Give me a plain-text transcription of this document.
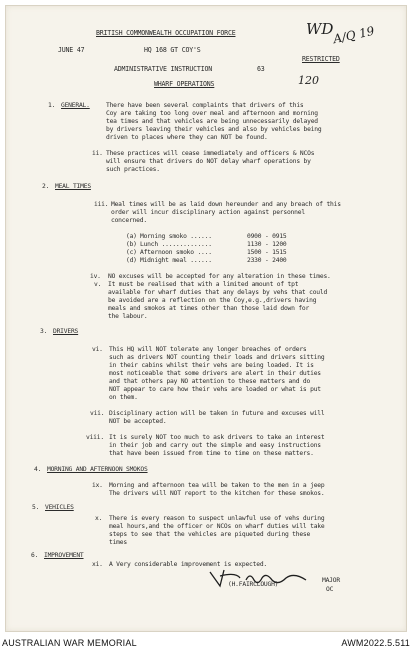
BRITISH COMMONWEALTH OCCUPATION FORCE
JUNE 47	HQ 168 GT COY'S
RESTRICTED
ADMINISTRATIVE INSTRUCTION	63
WHARF OPERATIONS
WD
A/Q 19
120
1. GENERAL.	There have been several complaints that drivers of this
Coy are taking too long over meal and afternoon and morning
tea times and that vehicles are being unnecessarily delayed
by drivers leaving their vehicles and also by vehicles being
driven to places where they can NOT be found.
ii. These practices will cease immediately and officers & NCOs
will ensure that drivers do NOT delay wharf operations by
such practices.
2. MEAL TIMES
iii. Meal times will be as laid down hereunder and any breach of this
order will incur disciplinary action against personnel
concerned.
(a) Morning smoko ......	0900 - 0915
(b) Lunch ..............	1130 - 1200
(c) Afternoon smoko ....	1500 - 1515
(d) Midnight meal ......	2330 - 2400
iv. NO excuses will be accepted for any alteration in these times.
v. It must be realised that with a limited amount of tpt
available for wharf duties that any delays by vehs that could
be avoided are a reflection on the Coy,e.g.,drivers having
meals and smokos at times other than those laid down for
the labour.
3. DRIVERS
vi. This HQ will NOT tolerate any longer breaches of orders
such as drivers NOT counting their loads and drivers sitting
in their cabins whilst their vehs are being loaded. It is
most noticeable that some drivers are alert in their duties
and that others pay NO attention to these matters and do
NOT appear to care how their vehs are loaded or what is put
on them.
vii. Disciplinary action will be taken in future and excuses will
NOT be accepted.
viii. It is surely NOT too much to ask drivers to take an interest
in their job and carry out the simple and easy instructions
that have been issued from time to time on these matters.
4. MORNING AND AFTERNOON SMOKOS
ix. Morning and afternoon tea will be taken to the men in a jeep
The drivers will NOT report to the kitchen for these smokos.
5. VEHICLES
x. There is every reason to suspect unlawful use of vehs during
meal hours,and the officer or NCOs on wharf duties will take
steps to see that the vehicles are piqueted during these
times
6. IMPROVEMENT
xi. A Very considerable improvement is expected.
(H.FAIRCLOUGH)
MAJOR
OC
AUSTRALIAN WAR MEMORIAL	AWM2022.5.511
